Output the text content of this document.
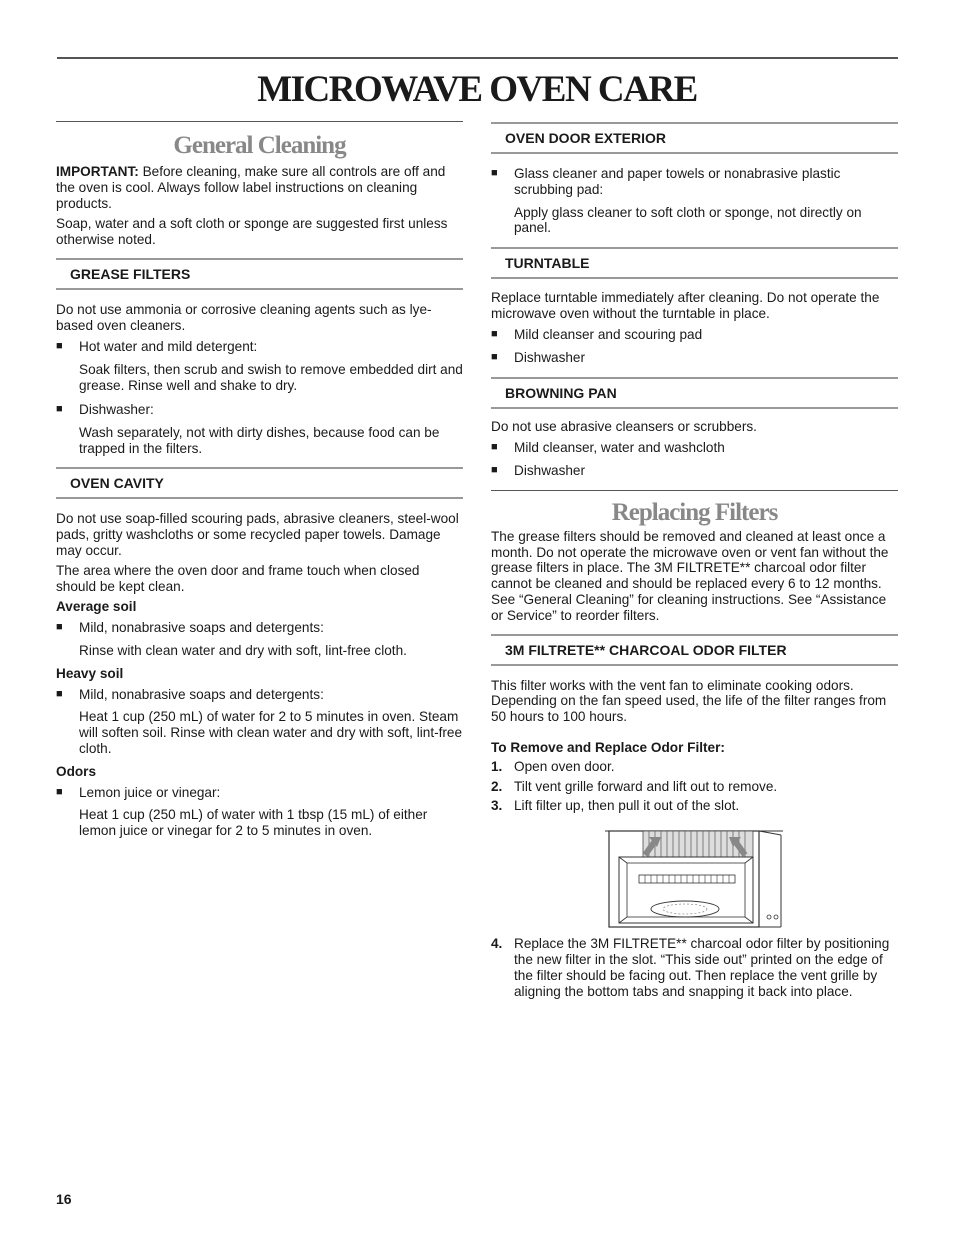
MICROWAVE OVEN CARE
General Cleaning

IMPORTANT: Before cleaning, make sure all controls are off and the oven is cool. Always follow label instructions on cleaning products.

Soap, water and a soft cloth or sponge are suggested first unless otherwise noted.

GREASE FILTERS

Do not use ammonia or corrosive cleaning agents such as lye-based oven cleaners.

■ Hot water and mild detergent:

Soak filters, then scrub and swish to remove embedded dirt and grease. Rinse well and shake to dry.

■ Dishwasher:

Wash separately, not with dirty dishes, because food can be trapped in the filters.

OVEN CAVITY

Do not use soap-filled scouring pads, abrasive cleaners, steel-wool pads, gritty washcloths or some recycled paper towels. Damage may occur.

The area where the oven door and frame touch when closed should be kept clean.

Average soil

■ Mild, nonabrasive soaps and detergents:

Rinse with clean water and dry with soft, lint-free cloth.

Heavy soil

■ Mild, nonabrasive soaps and detergents:

Heat 1 cup (250 mL) of water for 2 to 5 minutes in oven. Steam will soften soil. Rinse with clean water and dry with soft, lint-free cloth.

Odors

■ Lemon juice or vinegar:

Heat 1 cup (250 mL) of water with 1 tbsp (15 mL) of either lemon juice or vinegar for 2 to 5 minutes in oven.

OVEN DOOR EXTERIOR

■ Glass cleaner and paper towels or nonabrasive plastic scrubbing pad:

Apply glass cleaner to soft cloth or sponge, not directly on panel.

TURNTABLE

Replace turntable immediately after cleaning. Do not operate the microwave oven without the turntable in place.

■ Mild cleanser and scouring pad

■ Dishwasher

BROWNING PAN

Do not use abrasive cleansers or scrubbers.

■ Mild cleanser, water and washcloth

■ Dishwasher

Replacing Filters

The grease filters should be removed and cleaned at least once a month. Do not operate the microwave oven or vent fan without the grease filters in place. The 3M FILTRETE** charcoal odor filter cannot be cleaned and should be replaced every 6 to 12 months. See “General Cleaning” for cleaning instructions. See “Assistance or Service” to reorder filters.

3M FILTRETE** CHARCOAL ODOR FILTER

This filter works with the vent fan to eliminate cooking odors. Depending on the fan speed used, the life of the filter ranges from 50 hours to 100 hours.

To Remove and Replace Odor Filter:

1. Open oven door.

2. Tilt vent grille forward and lift out to remove.

3. Lift filter up, then pull it out of the slot.

4. Replace the 3M FILTRETE** charcoal odor filter by positioning the new filter in the slot. “This side out” printed on the edge of the filter should be facing out. Then replace the vent grille by aligning the bottom tabs and snapping it back into place.

16
